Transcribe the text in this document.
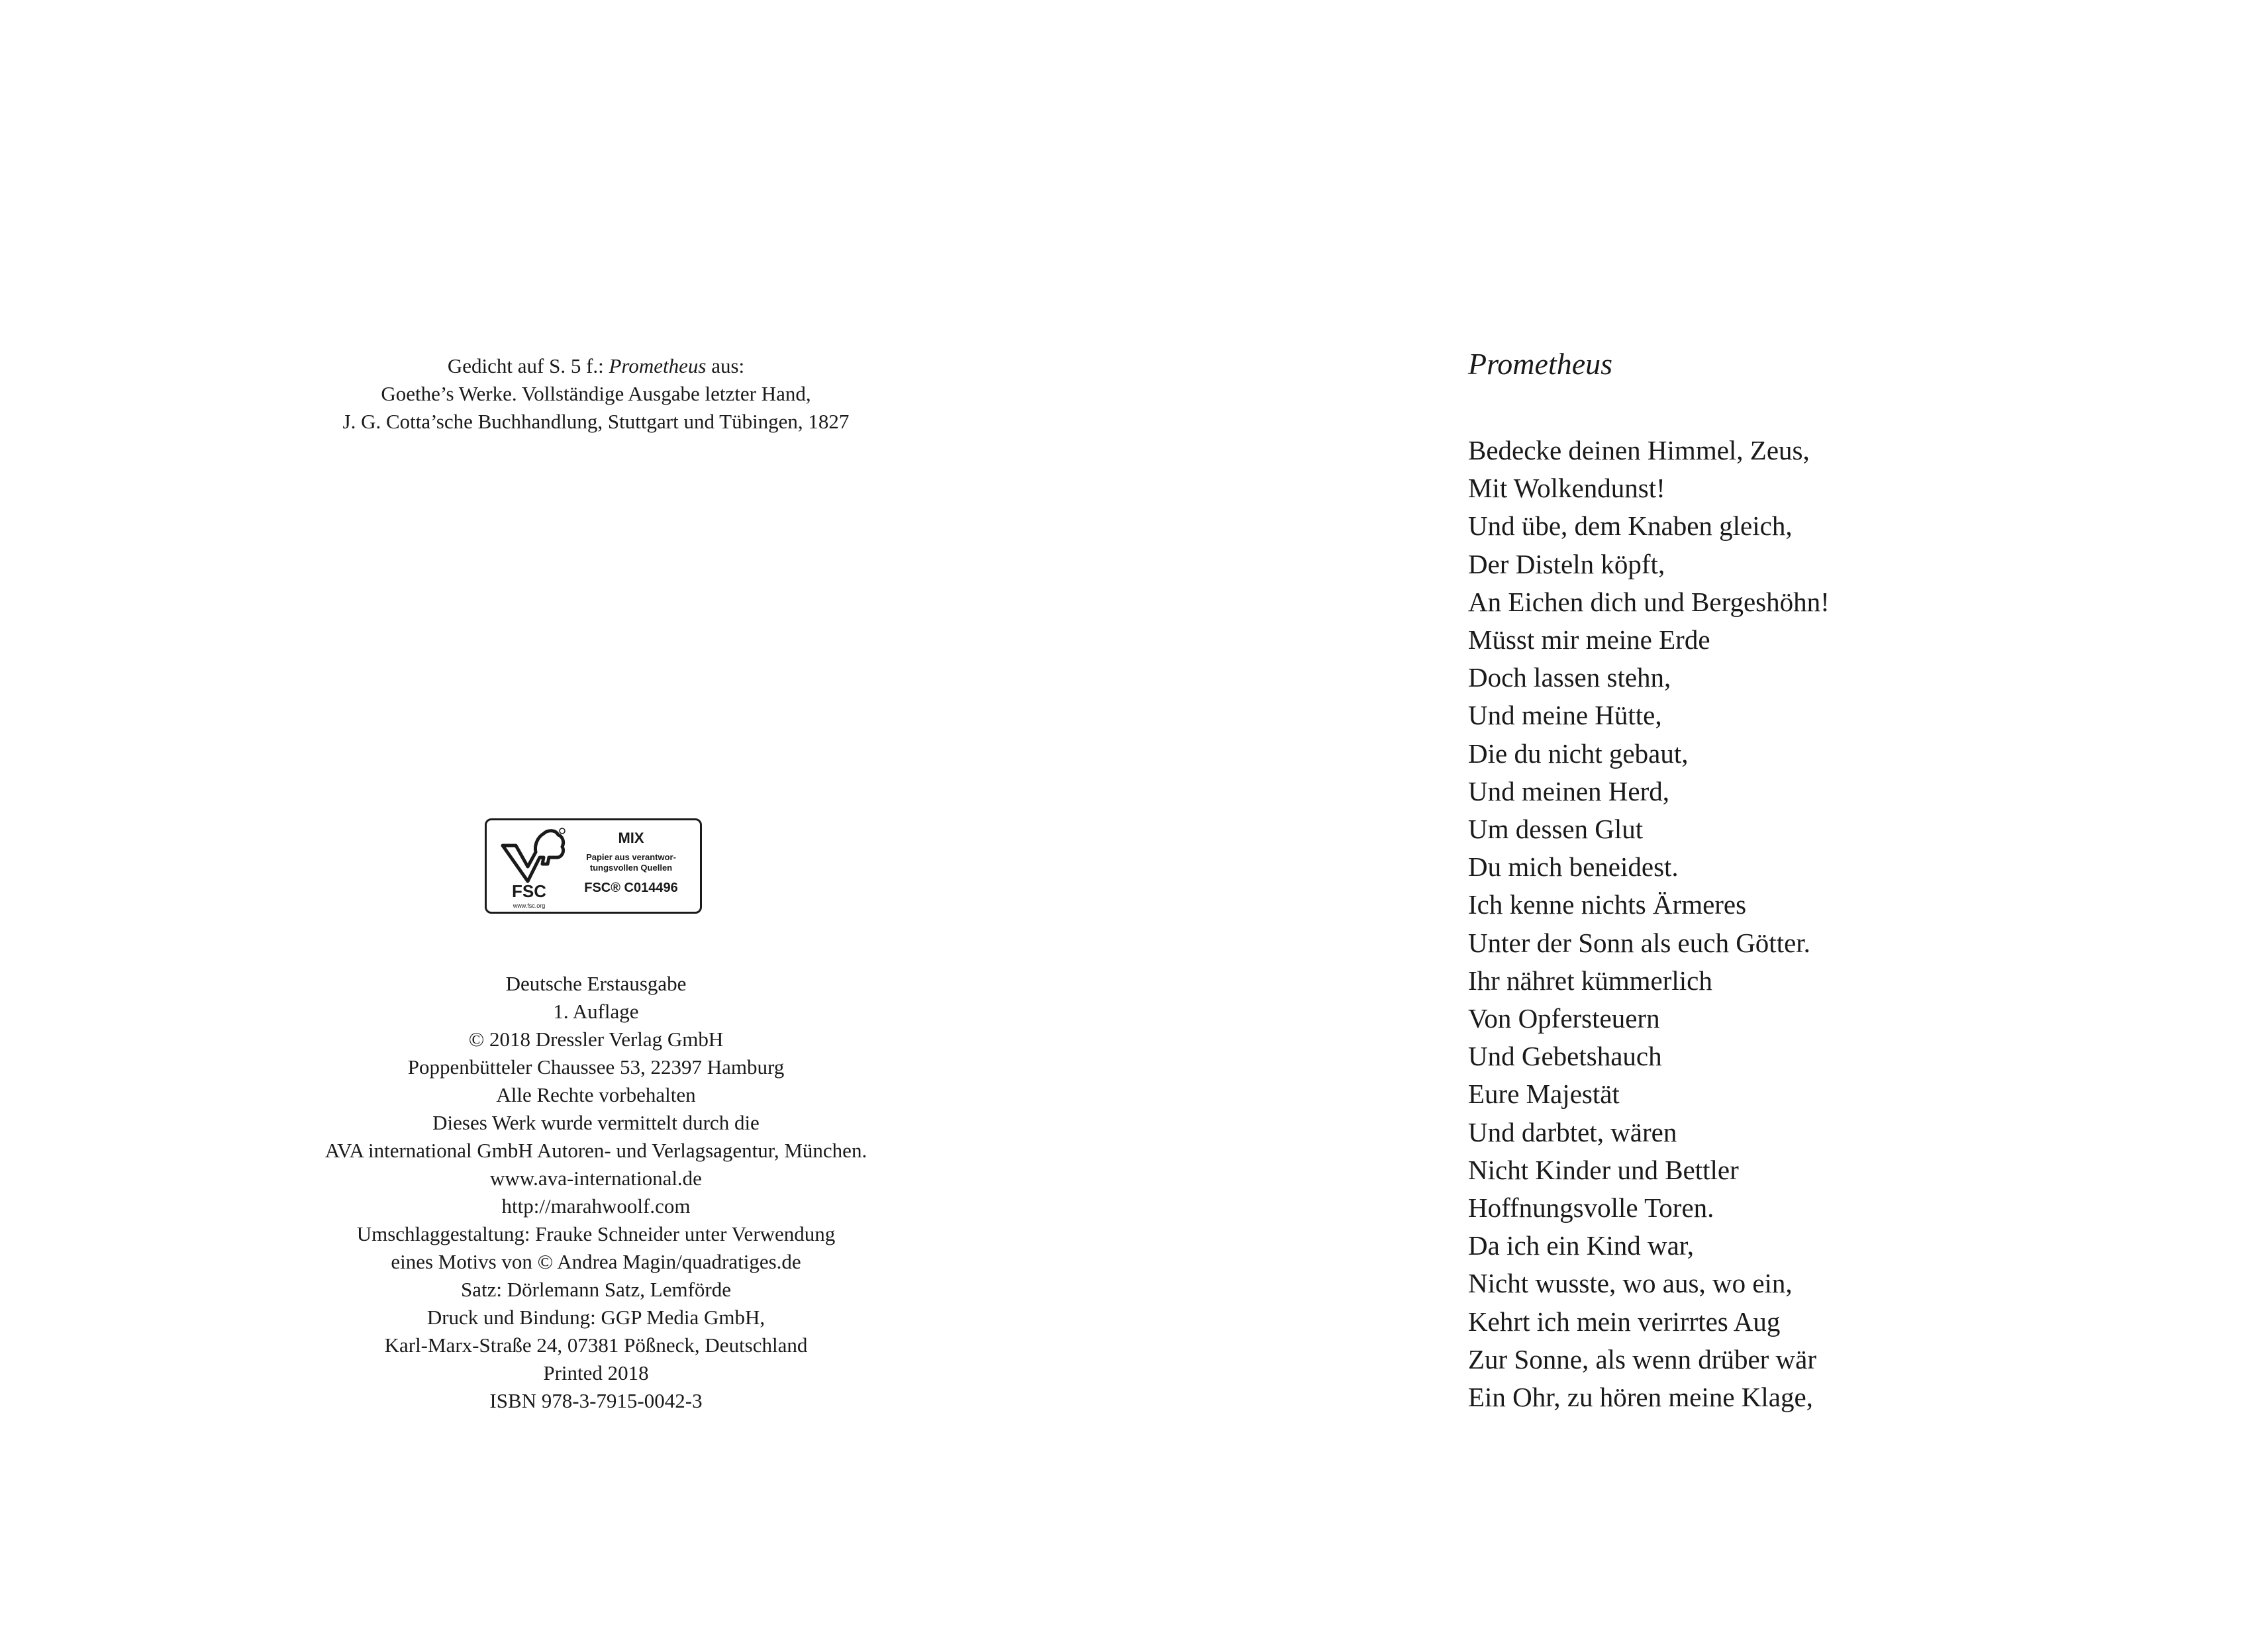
Gedicht auf S. 5 f.: Prometheus aus:
Goethe’s Werke. Vollständige Ausgabe letzter Hand,
J. G. Cotta’sche Buchhandlung, Stuttgart und Tübingen, 1827
FSC
www.fsc.org
MIX
Papier aus verantwor-
tungsvollen Quellen
FSC® C014496
Deutsche Erstausgabe
1. Auflage
© 2018 Dressler Verlag GmbH
Poppenbütteler Chaussee 53, 22397 Hamburg
Alle Rechte vorbehalten
Dieses Werk wurde vermittelt durch die
AVA international GmbH Autoren- und Verlagsagentur, München.
www.ava-international.de
http://marahwoolf.com
Umschlaggestaltung: Frauke Schneider unter Verwendung
eines Motivs von © Andrea Magin/quadratiges.de
Satz: Dörlemann Satz, Lemförde
Druck und Bindung: GGP Media GmbH,
Karl-Marx-Straße 24, 07381 Pößneck, Deutschland
Printed 2018
ISBN 978-3-7915-0042-3
Prometheus
Bedecke deinen Himmel, Zeus,
Mit Wolkendunst!
Und übe, dem Knaben gleich,
Der Disteln köpft,
An Eichen dich und Bergeshöhn!
Müsst mir meine Erde
Doch lassen stehn,
Und meine Hütte,
Die du nicht gebaut,
Und meinen Herd,
Um dessen Glut
Du mich beneidest.
Ich kenne nichts Ärmeres
Unter der Sonn als euch Götter.
Ihr nähret kümmerlich
Von Opfersteuern
Und Gebetshauch
Eure Majestät
Und darbtet, wären
Nicht Kinder und Bettler
Hoffnungsvolle Toren.
Da ich ein Kind war,
Nicht wusste, wo aus, wo ein,
Kehrt ich mein verirrtes Aug
Zur Sonne, als wenn drüber wär
Ein Ohr, zu hören meine Klage,
